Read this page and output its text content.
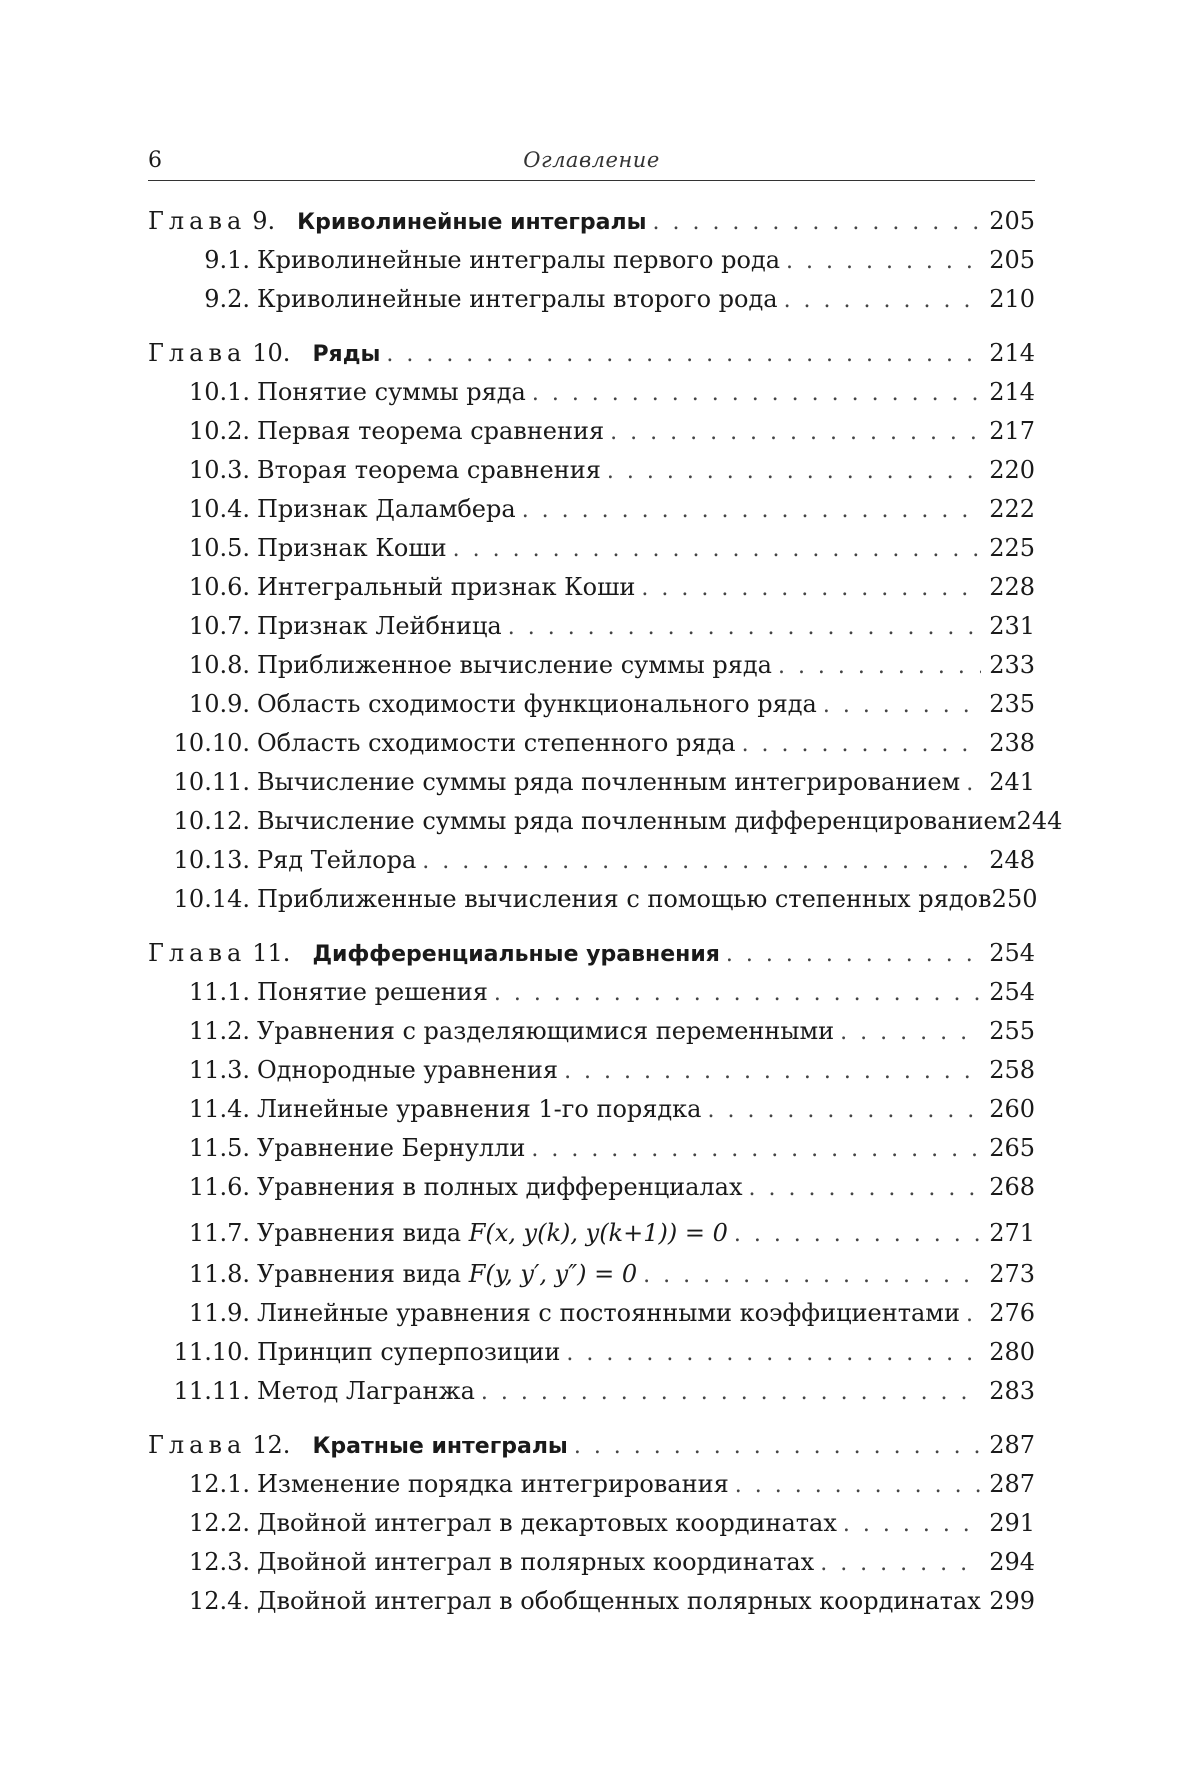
6	Оглавление
Глава 9. Криволинейные интегралы . . .	205
9.1. Криволинейные интегралы первого рода . . .	205
9.2. Криволинейные интегралы второго рода . . .	210
Глава 10. Ряды . . .	214
10.1. Понятие суммы ряда . . .	214
10.2. Первая теорема сравнения . . .	217
10.3. Вторая теорема сравнения . . .	220
10.4. Признак Даламбера . . .	222
10.5. Признак Коши . . .	225
10.6. Интегральный признак Коши . . .	228
10.7. Признак Лейбница . . .	231
10.8. Приближенное вычисление суммы ряда . . .	233
10.9. Область сходимости функционального ряда . . .	235
10.10. Область сходимости степенного ряда . . .	238
10.11. Вычисление суммы ряда почленным интегрированием . . . 241
10.12. Вычисление суммы ряда почленным дифференцированием 244
10.13. Ряд Тейлора . . .	248
10.14. Приближенные вычисления с помощью степенных рядов 250
Глава 11. Дифференциальные уравнения . . .	254
11.1. Понятие решения . . .	254
11.2. Уравнения с разделяющимися переменными . . .	255
11.3. Однородные уравнения . . .	258
11.4. Линейные уравнения 1-го порядка . . .	260
11.5. Уравнение Бернулли . . .	265
11.6. Уравнения в полных дифференциалах . . .	268
11.7. Уравнения вида F(x, y(k), y(k+1)) = 0 . . .	271
11.8. Уравнения вида F(y, y′, y″) = 0 . . .	273
11.9. Линейные уравнения с постоянными коэффициентами . . . 276
11.10. Принцип суперпозиции . . .	280
11.11. Метод Лагранжа . . .	283
Глава 12. Кратные интегралы . . .	287
12.1. Изменение порядка интегрирования . . .	287
12.2. Двойной интеграл в декартовых координатах . . .	291
12.3. Двойной интеграл в полярных координатах . . .	294
12.4. Двойной интеграл в обобщенных полярных координатах 299
